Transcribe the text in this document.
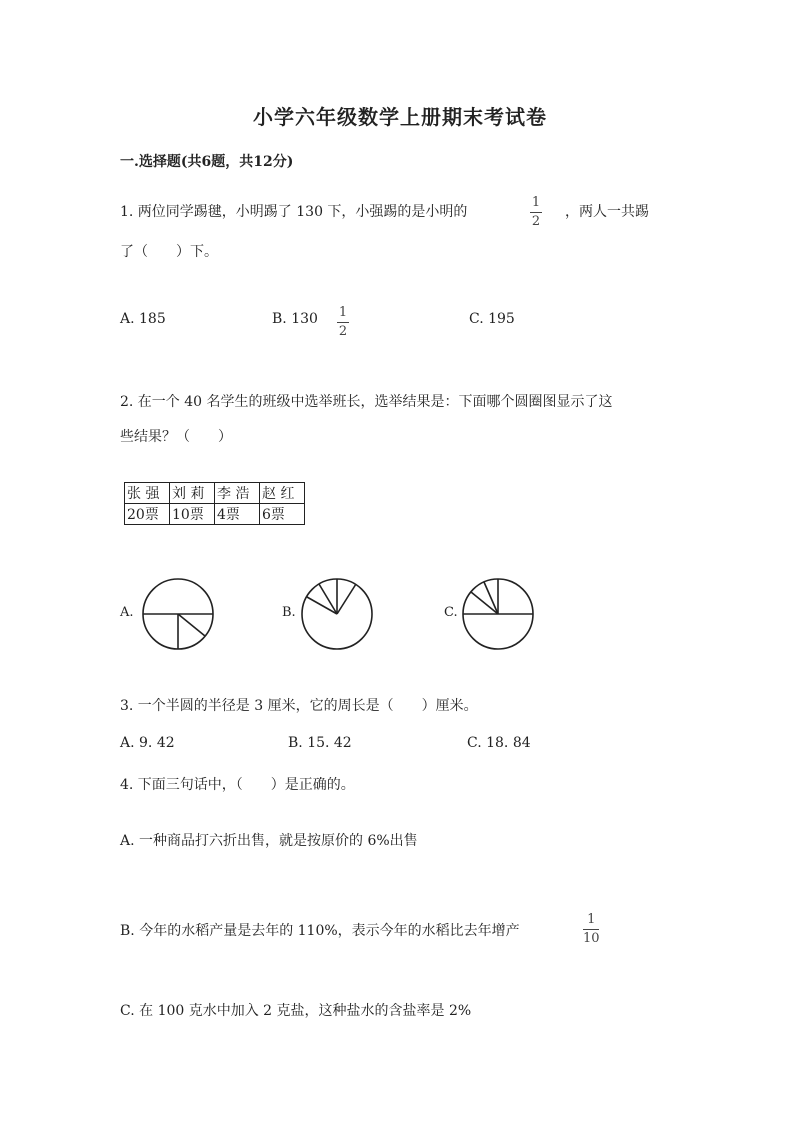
小学六年级数学上册期末考试卷
一.选择题(共6题，共12分)
1. 两位同学踢毽，小明踢了 130 下，小强踢的是小明的
1
2
，两人一共踢
了（　　）下。
A. 185	B. 130 1
2
C. 195
2. 在一个 40 名学生的班级中选举班长，选举结果是：下面哪个圆圈图显示了这
些结果？（　　）
张 强	刘 莉	李 浩	赵 红
20票	10票	4票	6票
A.	B.	C.
3. 一个半圆的半径是 3 厘米，它的周长是（　　）厘米。
A. 9. 42	B. 15. 42	C. 18. 84
4. 下面三句话中，（　　）是正确的。
A. 一种商品打六折出售，就是按原价的 6%出售
B. 今年的水稻产量是去年的 110%，表示今年的水稻比去年增产
1
10
C. 在 100 克水中加入 2 克盐，这种盐水的含盐率是 2%
